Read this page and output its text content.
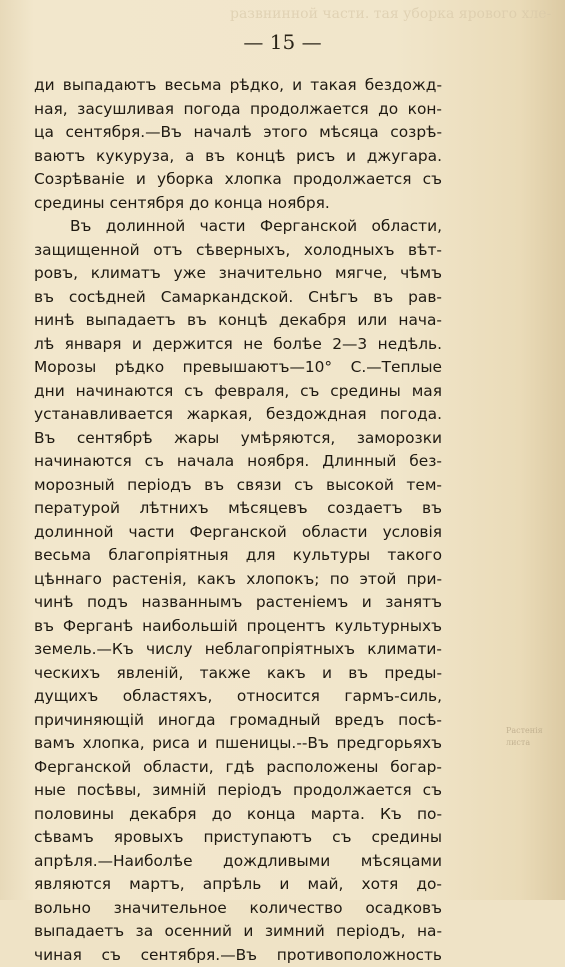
развнинной части. тая уборка ярового хле-
— 15 —
ди выпадаютъ весьма рѣдко, и такая бездожд-
ная, засушливая погода продолжается до кон-
ца сентября.—Въ началѣ этого мѣсяца созрѣ-
ваютъ кукуруза, а въ концѣ рисъ и джугара.
Созрѣванiе и уборка хлопка продолжается съ
средины сентября до конца ноября.
Въ долинной части Ферганской области,
защищенной отъ сѣверныхъ, холодныхъ вѣт-
ровъ, климатъ уже значительно мягче, чѣмъ
въ сосѣдней Самаркандской. Снѣгъ въ рав-
нинѣ выпадаетъ въ концѣ декабря или нача-
лѣ января и держится не болѣе 2—3 недѣль.
Морозы рѣдко превышаютъ—10° С.—Теплые
дни начинаются съ февраля, съ средины мая
устанавливается жаркая, бездождная погода.
Въ сентябрѣ жары умѣряются, заморозки
начинаются съ начала ноября. Длинный без-
морозный перiодъ въ связи съ высокой тем-
пературой лѣтнихъ мѣсяцевъ создаетъ въ
долинной части Ферганской области условiя
весьма благопрiятныя для культуры такого
цѣннаго растенiя, какъ хлопокъ; по этой при-
чинѣ подъ названнымъ растенiемъ и занятъ
въ Ферганѣ наибольшiй процентъ культурныхъ
земель.—Къ числу неблагопрiятныхъ климати-
ческихъ явленiй, также какъ и въ преды-
дущихъ областяхъ, относится гармъ-силь,
причиняющiй иногда громадный вредъ посѣ-
вамъ хлопка, риса и пшеницы.--Въ предгорьяхъ
Ферганской области, гдѣ расположены богар-
ные посѣвы, зимнiй перiодъ продолжается съ
половины декабря до конца марта. Къ по-
сѣвамъ яровыхъ приступаютъ съ средины
апрѣля.—Наиболѣе дождливыми мѣсяцами
являются мартъ, апрѣль и май, хотя до-
вольно значительное количество осадковъ
выпадаетъ за осенний и зимний перiодъ, на-
чиная съ сентября.—Въ противоположность
Растенiя
листа
